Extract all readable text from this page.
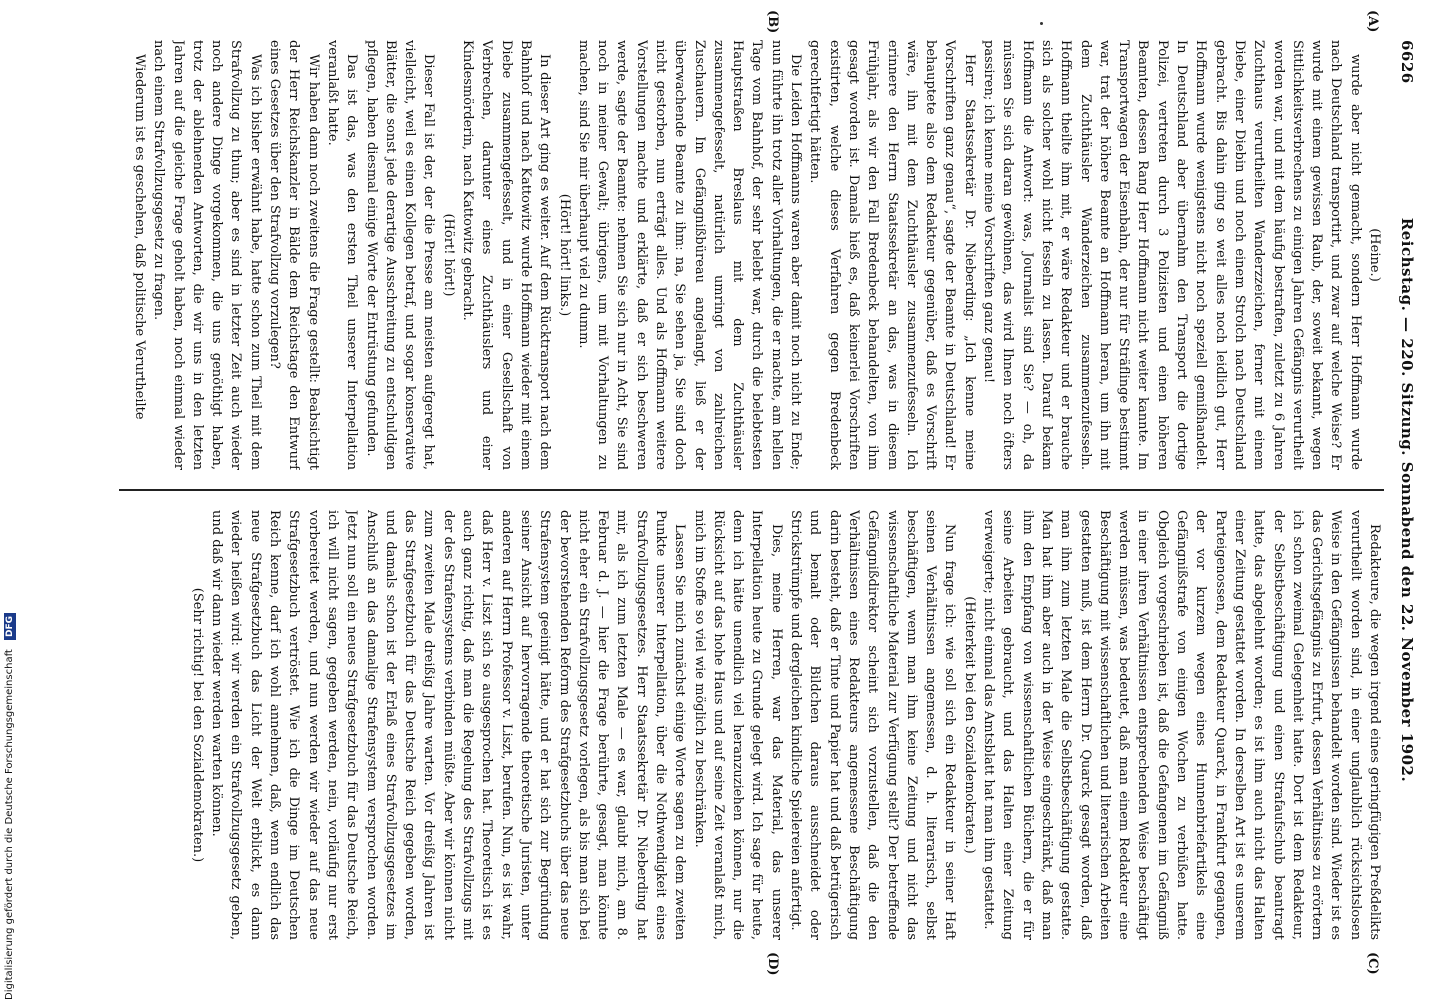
6626
Reichstag. — 220. Sitzung. Sonnabend den 22. November 1902.

(Heine.)

wurde aber nicht gemacht, sondern Herr Hoffmann wurde nach Deutschland transportirt, und zwar auf welche Weise? Er wurde mit einem gewissen Raub, der, soweit bekannt, wegen Sittlichkeitsverbrechens zu einigen Jahren Gefängnis verurtheilt worden war, und mit dem häufig bestraften, zuletzt zu 6 Jahren Zuchthaus verurtheilten Wanderzzeichen, ferner mit einem Diebe, einer Diebin und noch einem Strolch nach Deutschland gebracht. Bis dahin ging so weit alles noch leidlich gut, Herr Hoffmann wurde wenigstens nicht noch speziell gemißhandelt. In Deutschland aber übernahm den Transport die dortige Polizei, vertreten durch 3 Polizisten und einen höheren Beamten, dessen Rang Herr Hoffmann nicht weiter kannte. Im Transportwagen der Eisenbahn, der nur für Sträflinge bestimmt war, trat der höhere Beamte an Hoffmann heran, um ihn mit dem Zuchthäusler Wanderzeichen zusammenzufesseln. Hoffmann theilte ihm mit, er wäre Redakteur und er brauche sich als solcher wohl nicht fesseln zu lassen. Darauf bekam Hoffmann die Antwort: was, Journalist sind Sie? — oh, da müssen Sie sich daran gewöhnen, das wird Ihnen noch öfters passiren; ich kenne meine Vorschriften ganz genau!

Herr Staatssekretär Dr. Nieberding: „Ich kenne meine Vorschriften ganz genau“, sagte der Beamte in Deutschland! Er behauptete also dem Redakteur gegenüber, daß es Vorschrift wäre, ihn mit dem Zuchthäusler zusammenzufesseln. Ich erinnere den Herrn Staatssekretär an das, was in diesem Frühjahr, als wir den Fall Bredenbeck behandelten, von ihm gesagt worden ist. Damals hieß es, daß keinerlei Vorschriften existirten, welche dieses Verfahren gegen Bredenbeck gerechtfertigt hätten.

Die Leiden Hoffmanns waren aber damit noch nicht zu Ende; nun führte ihn trotz aller Vorhaltungen, die er machte, am hellen Tage vom Bahnhof, der sehr belebt war, durch die belebtesten Hauptstraßen Breslaus mit dem Zuchthäusler zusammengefesselt, natürlich umringt von zahlreichen Zuschauern. Im Gefängnißbüreau angelangt, ließ er der überwachende Beamte zu ihm: na, Sie sehen ja, Sie sind doch nicht gestorben, nun erträgt alles. Und als Hoffmann weitere Vorstellungen machte und erklärte, daß er sich beschweren werde, sagte der Beamte: nehmen Sie sich nur in Acht, Sie sind noch in meiner Gewalt; übrigens, um mit Vorhaltungen zu machen, sind Sie mir überhaupt viel zu dumm.

(Hört! hört! links.)

In dieser Art ging es weiter. Auf dem Rücktransport nach dem Bahnhof und nach Kattowitz wurde Hoffmann wieder mit einem Diebe zusammengefesselt, und in einer Gesellschaft von Verbrechen, darunter eines Zuchthäuslers und einer Kindesmörderin, nach Kattowitz gebracht.

(Hört! hört!)

Dieser Fall ist der, der die Presse am meisten aufgeregt hat, vielleicht, weil es einen Kollegen betraf, und sogar konservative Blätter, die sonst jede derartige Ausschreitung zu entschuldigen pflegen, haben diesmal einige Worte der Entrüstung gefunden.

Das ist das, was den ersten Theil unserer Interpellation veranlaßt hatte.

Wir haben dann noch zweitens die Frage gestellt: Beabsichtigt der Herr Reichskanzler in Bälde dem Reichstage den Entwurf eines Gesetzes über den Strafvollzug vorzulegen?

Was ich bisher erwähnt habe, hatte schon zum Theil mit dem Strafvollzug zu thun; aber es sind in letzter Zeit auch wieder noch andere Dinge vorgekommen, die uns genöthigt haben, trotz der ablehnenden Antworten, die wir uns in den letzten Jahren auf die gleiche Frage geholt haben, noch einmal wieder nach einem Strafvollzugsgesetz zu fragen.

Wiederum ist es geschehen, daß politische Verurtheilte

Redakteure, die wegen irgend eines geringfügigen Preßdelikts verurtheilt worden sind, in einer unglaublich rücksichtslosen Weise in den Gefängnissen behandelt worden sind. Wieder ist es das Gerichtsgefängnis zu Erfurt, dessen Verhältnisse zu erörtern ich schon zweimal Gelegenheit hatte. Dort ist dem Redakteur, der Selbstbeschäftigung und einen Strafaufschub beantragt hatte, das abgelehnt worden; es ist ihm auch nicht das Halten einer Zeitung gestattet worden. In derselben Art ist es unserem Parteigenossen, dem Redakteur Quarck, in Frankfurt gegangen, der vor kurzem wegen eines Hunnenbriefartikels eine Gefängnißstrafe von einigen Wochen zu verbüßen hatte. Obgleich vorgeschrieben ist, daß die Gefangenen im Gefängniß in einer ihren Verhältnissen entsprechenden Weise beschäftigt werden müssen, was bedeutet, daß man einem Redakteur eine Beschäftigung mit wissenschaftlichen und literarischen Arbeiten gestatten muß, ist dem Herrn Dr. Quarck gesagt worden, daß man ihm zum letzten Male die Selbstbeschäftigung gestatte. Man hat ihm aber auch in der Weise eingeschränkt, daß man ihm den Empfang von wissenschaftlichen Büchern, die er für seine Arbeiten gebraucht, und das Halten einer Zeitung verweigerte; nicht einmal das Amtsblatt hat man ihm gestattet.

(Heiterkeit bei den Sozialdemokraten.)

Nun frage ich: wie soll sich ein Redakteur in seiner Haft seinen Verhältnissen angemessen, d. h. literarisch, selbst beschäftigen, wenn man ihm keine Zeitung und nicht das wissenschaftliche Material zur Verfügung stellt? Der betreffende Gefängnißdirektor scheint sich vorzustellen, daß die den Verhältnissen eines Redakteurs angemessene Beschäftigung darin besteht, daß er Tinte und Papier hat und daß betrügerisch und bemalt oder Bildchen daraus ausschneidet oder Strickstrümpfe und dergleichen kindliche Spielereien anfertigt.

Dies, meine Herren, war das Material, das unserer Interpellation heute zu Grunde gelegt wird. Ich sage für heute, denn ich hätte unendlich viel heranzuziehen können, nur die Rücksicht auf das hohe Haus und auf seine Zeit veranlaßt mich, mich im Stoffe so viel wie möglich zu beschränken.

Lassen Sie mich zunächst einige Worte sagen zu dem zweiten Punkte unserer Interpellation, über die Nothwendigkeit eines Strafvollzugsgesetzes. Herr Staatssekretär Dr. Nieberding hat mir, als ich zum letzten Male — es war, glaubt mich, am 8. Februar d. J. — hier die Frage berührte, gesagt, man könnte nicht eher ein Strafvollzugsgesetz vorlegen, als bis man sich bei der bevorstehenden Reform des Strafgesetzbuchs über das neue Strafensystem geeinigt hätte, und er hat sich zur Begründung seiner Ansicht auf hervorragende theoretische Juristen, unter anderen auf Herrn Professor v. Liszt, berufen. Nun, es ist wahr, daß Herr v. Liszt sich so ausgesprochen hat. Theoretisch ist es auch ganz richtig, daß man die Regelung des Strafvollzugs mit der des Strafensystems verbinden müßte. Aber wir können nicht zum zweiten Male dreißig Jahre warten. Vor dreißig Jahren ist das Strafgesetzbuch für das Deutsche Reich gegeben worden, und damals schon ist der Erlaß eines Strafvollzugsgesetzes im Anschluß an das damalige Strafensystem versprochen worden. Jetzt nun soll ein neues Strafgesetzbuch für das Deutsche Reich, ich will nicht sagen, gegeben werden, nein, vorläufig nur erst vorbereitet werden, und nun werden wir wieder auf das neue Strafgesetzbuch vertröstet. Wie ich die Dinge im Deutschen Reich kenne, darf ich wohl annehmen, daß, wenn endlich das neue Strafgesetzbuch das Licht der Welt erblickt, es dann wieder heißen wird: wir werden ein Strafvollzugsgesetz geben, und daß wir dann wieder werden warten können.

(Sehr richtig! bei den Sozialdemokraten.)

(A)
(B)
(C)
(D)
Digitalisierung gefördert durch die Deutsche Forschungsgemeinschaft DFG
